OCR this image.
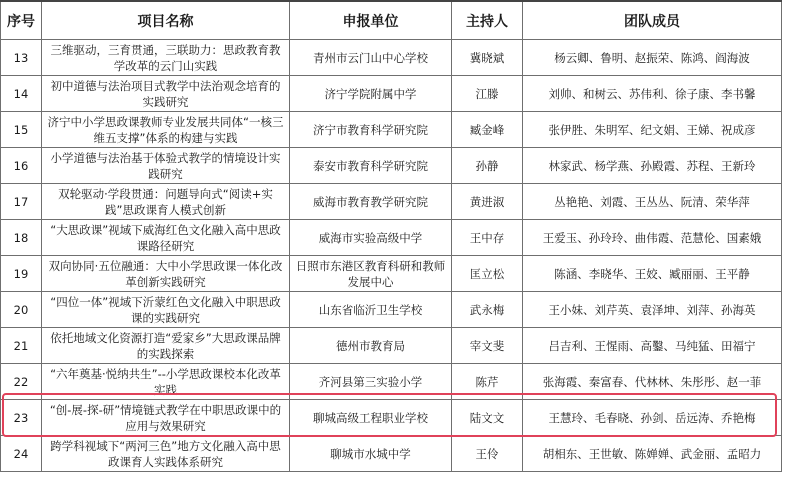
序号	项目名称	申报单位	主持人	团队成员
13	三维驱动，三育贯通，三联助力：思政教育教学改革的云门山实践	青州市云门山中心学校	冀晓斌	杨云卿、鲁明、赵振荣、陈鸿、阎海波
14	初中道德与法治项目式教学中法治观念培育的实践研究	济宁学院附属中学	江滕	刘帅、和树云、苏伟利、徐子康、李书馨
15	济宁中小学思政课教师专业发展共同体“一核三维五支撑”体系的构建与实践	济宁市教育科学研究院	臧金峰	张伊胜、朱明军、纪文娟、王娣、祝成彦
16	小学道德与法治基于体验式教学的情境设计实践研究	泰安市教育科学研究院	孙静	林家武、杨学燕、孙殿霞、苏程、王新玲
17	双轮驱动·学段贯通：问题导向式“阅读+实践”思政课育人模式创新	威海市教育教学研究院	黄进淑	丛艳艳、刘霞、王丛丛、阮清、荣华萍
18	“大思政课”视域下威海红色文化融入高中思政课路径研究	威海市实验高级中学	王中存	王爱玉、孙玲玲、曲伟霞、范慧伦、国素娥
19	双向协同·五位融通：大中小学思政课一体化改革创新实践研究	日照市东港区教育科研和教师发展中心	匡立松	陈涵、李晓华、王姣、臧丽丽、王平静
20	“四位一体”视域下沂蒙红色文化融入中职思政课的实践研究	山东省临沂卫生学校	武永梅	王小妹、刘芹英、袁泽坤、刘萍、孙海英
21	依托地域文化资源打造“爱家乡”大思政课品牌的实践探索	德州市教育局	宰文斐	吕吉利、王惺雨、高鑿、马纯猛、田福宁
22	“六年奠基·悦纳共生”--小学思政课校本化改革实践	齐河县第三实验小学	陈芹	张海霞、秦富春、代林林、朱彤彤、赵一菲
23	“创-展-探-研”情境链式教学在中职思政课中的应用与效果研究	聊城高级工程职业学校	陆文文	王慧玲、毛春晓、孙剑、岳远涛、乔艳梅
24	跨学科视域下“两河三色”地方文化融入高中思政课育人实践体系研究	聊城市水城中学	王伶	胡相东、王世敏、陈婵婵、武金丽、孟昭力
